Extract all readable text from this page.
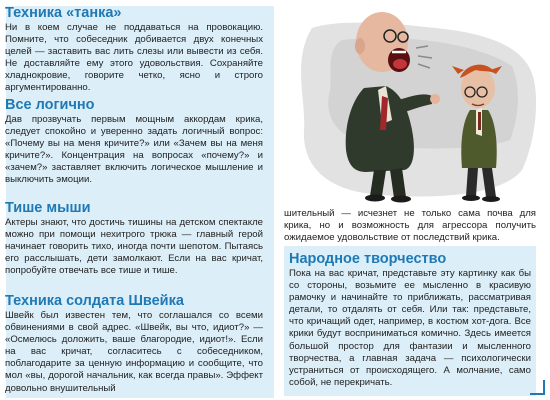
Техника «танка»

Ни в коем случае не поддаваться на провокацию. Помните, что собеседник добивается двух конечных целей — заставить вас лить слезы или вывести из себя. Не доставляйте ему этого удовольствия. Сохраняйте хладнокровие, говорите четко, ясно и строго аргументированно.

Все логично

Дав прозвучать первым мощным аккордам крика, следует спокойно и уверенно задать логичный вопрос: «Почему вы на меня кричите?» или «Зачем вы на меня кричите?». Концентрация на вопросах «почему?» и «зачем?» заставляет включить логическое мышление и выключить эмоции.

Тише мыши

Актеры знают, что достичь тишины на детском спектакле можно при помощи нехитрого трюка — главный герой начинает говорить тихо, иногда почти шепотом. Пытаясь его расслышать, дети замолкают. Если на вас кричат, попробуйте отвечать все тише и тише.

Техника солдата Швейка

Швейк был известен тем, что соглашался со всеми обвинениями в свой адрес. «Швейк, вы что, идиот?» — «Осмелюсь доложить, ваше благородие, идиот!». Если на вас кричат, согласитесь с собеседником, поблагодарите за ценную информацию и сообщите, что мол «вы, дорогой начальник, как всегда правы». Эффект довольно внушительный

шительный — исчезнет не только сама почва для крика, но и возможность для агрессора получить ожидаемое удовольствие от последствий крика.

Народное творчество

Пока на вас кричат, представьте эту картинку как бы со стороны, возьмите ее мысленно в красивую рамочку и начинайте то приближать, рассматривая детали, то отдалять от себя. Или так: представьте, что кричащий одет, например, в костюм хот-дога. Все крики будут восприниматься комично. Здесь имеется большой простор для фантазии и мысленного творчества, а главная задача — психологически устраниться от происходящего. А молчание, само собой, не перекричать.
